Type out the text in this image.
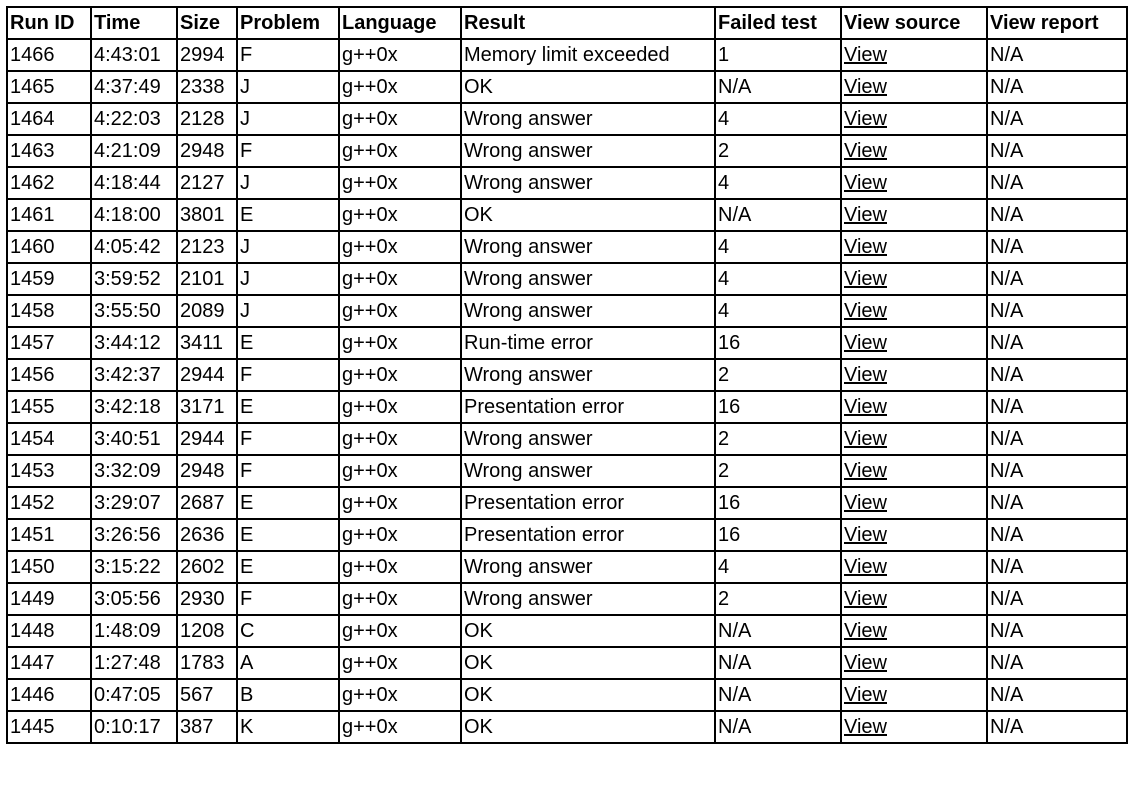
Run ID	Time	Size	Problem	Language	Result	Failed test	View source	View report
1466	4:43:01	2994	F	g++0x	Memory limit exceeded	1	View	N/A
1465	4:37:49	2338	J	g++0x	OK	N/A	View	N/A
1464	4:22:03	2128	J	g++0x	Wrong answer	4	View	N/A
1463	4:21:09	2948	F	g++0x	Wrong answer	2	View	N/A
1462	4:18:44	2127	J	g++0x	Wrong answer	4	View	N/A
1461	4:18:00	3801	E	g++0x	OK	N/A	View	N/A
1460	4:05:42	2123	J	g++0x	Wrong answer	4	View	N/A
1459	3:59:52	2101	J	g++0x	Wrong answer	4	View	N/A
1458	3:55:50	2089	J	g++0x	Wrong answer	4	View	N/A
1457	3:44:12	3411	E	g++0x	Run-time error	16	View	N/A
1456	3:42:37	2944	F	g++0x	Wrong answer	2	View	N/A
1455	3:42:18	3171	E	g++0x	Presentation error	16	View	N/A
1454	3:40:51	2944	F	g++0x	Wrong answer	2	View	N/A
1453	3:32:09	2948	F	g++0x	Wrong answer	2	View	N/A
1452	3:29:07	2687	E	g++0x	Presentation error	16	View	N/A
1451	3:26:56	2636	E	g++0x	Presentation error	16	View	N/A
1450	3:15:22	2602	E	g++0x	Wrong answer	4	View	N/A
1449	3:05:56	2930	F	g++0x	Wrong answer	2	View	N/A
1448	1:48:09	1208	C	g++0x	OK	N/A	View	N/A
1447	1:27:48	1783	A	g++0x	OK	N/A	View	N/A
1446	0:47:05	567	B	g++0x	OK	N/A	View	N/A
1445	0:10:17	387	K	g++0x	OK	N/A	View	N/A
